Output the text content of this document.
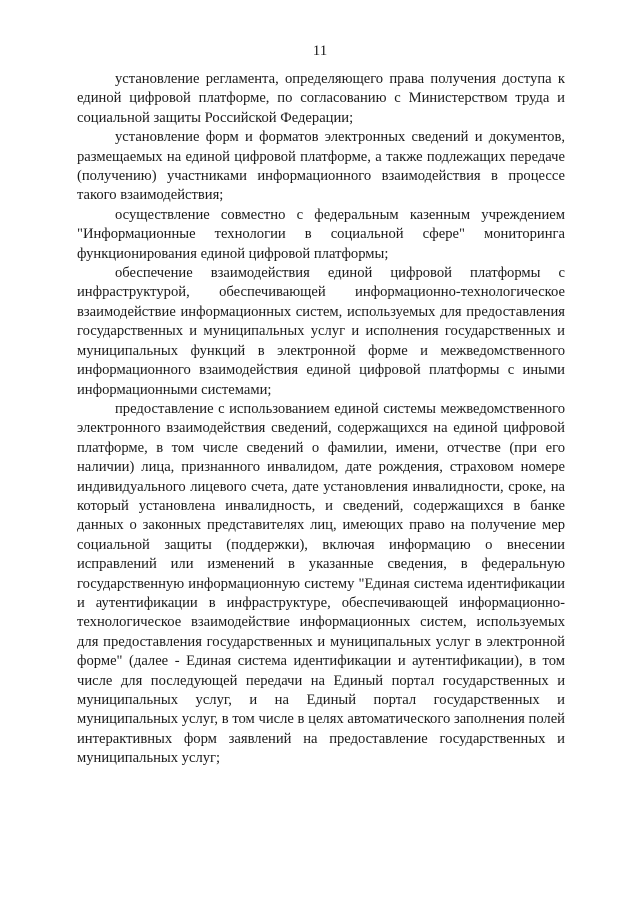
11

установление регламента, определяющего права получения доступа к единой цифровой платформе, по согласованию с Министерством труда и социальной защиты Российской Федерации;

установление форм и форматов электронных сведений и документов, размещаемых на единой цифровой платформе, а также подлежащих передаче (получению) участниками информационного взаимодействия в процессе такого взаимодействия;

осуществление совместно с федеральным казенным учреждением "Информационные технологии в социальной сфере" мониторинга функционирования единой цифровой платформы;

обеспечение взаимодействия единой цифровой платформы с инфраструктурой, обеспечивающей информационно-технологическое взаимодействие информационных систем, используемых для предоставления государственных и муниципальных услуг и исполнения государственных и муниципальных функций в электронной форме и межведомственного информационного взаимодействия единой цифровой платформы с иными информационными системами;

предоставление с использованием единой системы межведомственного электронного взаимодействия сведений, содержащихся на единой цифровой платформе, в том числе сведений о фамилии, имени, отчестве (при его наличии) лица, признанного инвалидом, дате рождения, страховом номере индивидуального лицевого счета, дате установления инвалидности, сроке, на который установлена инвалидность, и сведений, содержащихся в банке данных о законных представителях лиц, имеющих право на получение мер социальной защиты (поддержки), включая информацию о внесении исправлений или изменений в указанные сведения, в федеральную государственную информационную систему "Единая система идентификации и аутентификации в инфраструктуре, обеспечивающей информационно-технологическое взаимодействие информационных систем, используемых для предоставления государственных и муниципальных услуг в электронной форме" (далее - Единая система идентификации и аутентификации), в том числе для последующей передачи на Единый портал государственных и муниципальных услуг, и на Единый портал государственных и муниципальных услуг, в том числе в целях автоматического заполнения полей интерактивных форм заявлений на предоставление государственных и муниципальных услуг;
